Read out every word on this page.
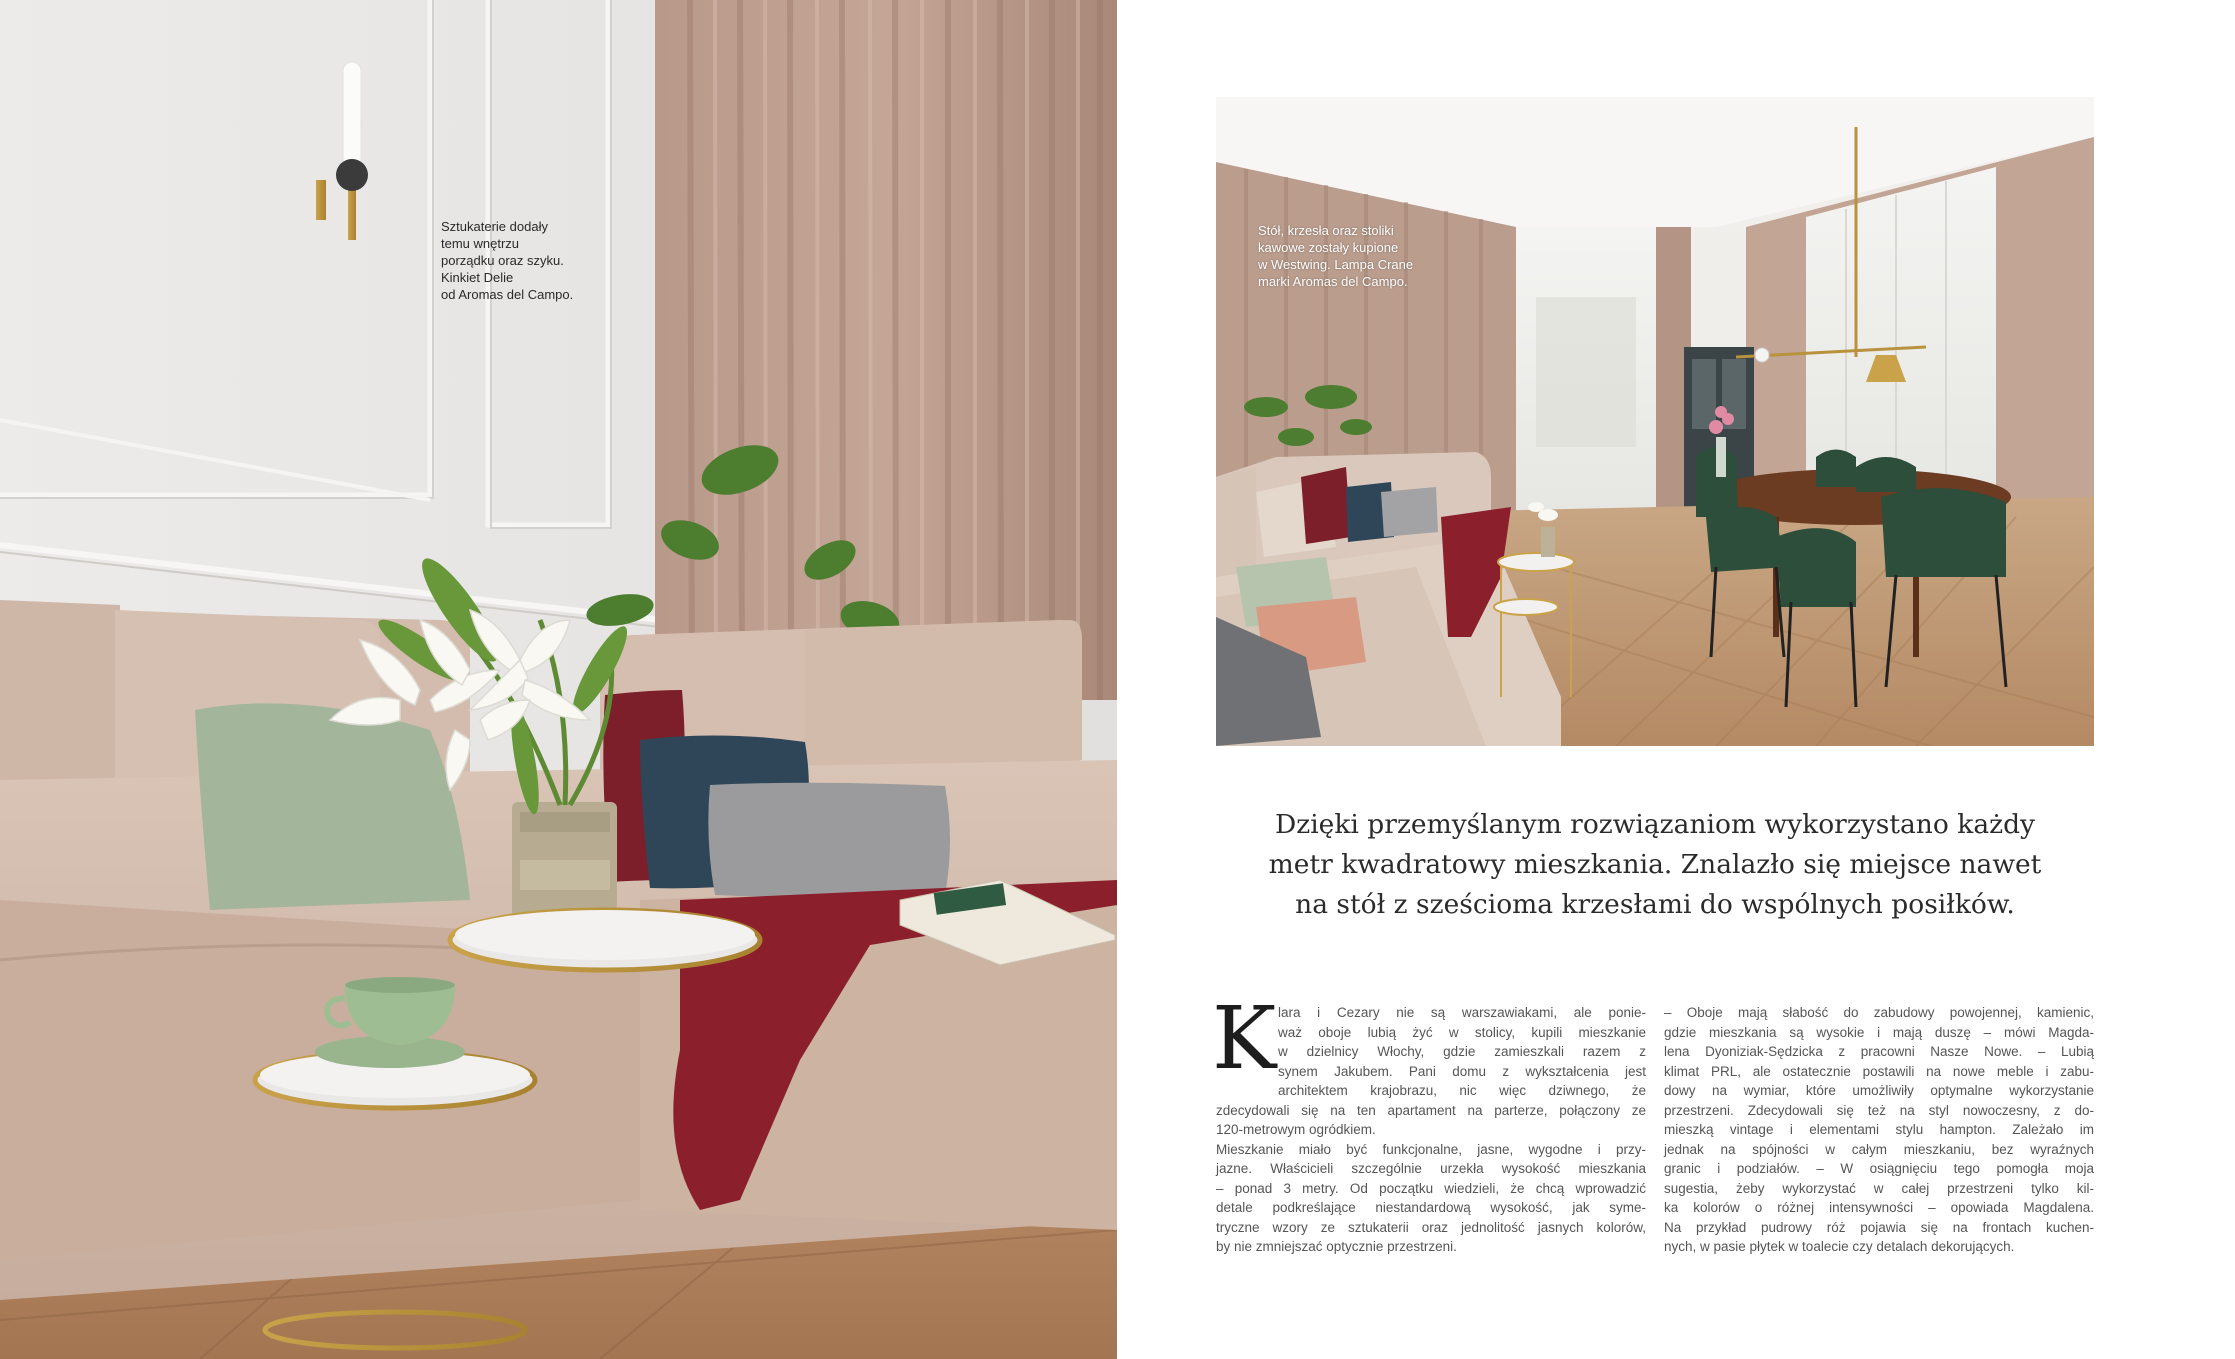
Sztukaterie dodały
temu wnętrzu
porządku oraz szyku.
Kinkiet Delie
od Aromas del Campo.
Stół, krzesła oraz stoliki
kawowe zostały kupione
w Westwing. Lampa Crane
marki Aromas del Campo.
Dzięki przemyślanym rozwiązaniom wykorzystano każdy
metr kwadratowy mieszkania. Znalazło się miejsce nawet
na stół z sześcioma krzesłami do wspólnych posiłków.
K lara i Cezary nie są warszawiakami, ale ponie-
waż oboje lubią żyć w stolicy, kupili mieszkanie
w dzielnicy Włochy, gdzie zamieszkali razem z
synem Jakubem. Pani domu z wykształcenia jest
architektem krajobrazu, nic więc dziwnego, że
zdecydowali się na ten apartament na parterze, połączony ze
120-metrowym ogródkiem.
Mieszkanie miało być funkcjonalne, jasne, wygodne i przy-
jazne. Właścicieli szczególnie urzekła wysokość mieszkania
– ponad 3 metry. Od początku wiedzieli, że chcą wprowadzić
detale podkreślające niestandardową wysokość, jak syme-
tryczne wzory ze sztukaterii oraz jednolitość jasnych kolorów,
by nie zmniejszać optycznie przestrzeni.
– Oboje mają słabość do zabudowy powojennej, kamienic,
gdzie mieszkania są wysokie i mają duszę – mówi Magda-
lena Dyoniziak-Sędzicka z pracowni Nasze Nowe. – Lubią
klimat PRL, ale ostatecznie postawili na nowe meble i zabu-
dowy na wymiar, które umożliwiły optymalne wykorzystanie
przestrzeni. Zdecydowali się też na styl nowoczesny, z do-
mieszką vintage i elementami stylu hampton. Zależało im
jednak na spójności w całym mieszkaniu, bez wyraźnych
granic i podziałów. – W osiągnięciu tego pomogła moja
sugestia, żeby wykorzystać w całej przestrzeni tylko kil-
ka kolorów o różnej intensywności – opowiada Magdalena.
Na przykład pudrowy róż pojawia się na frontach kuchen-
nych, w pasie płytek w toalecie czy detalach dekorujących.
